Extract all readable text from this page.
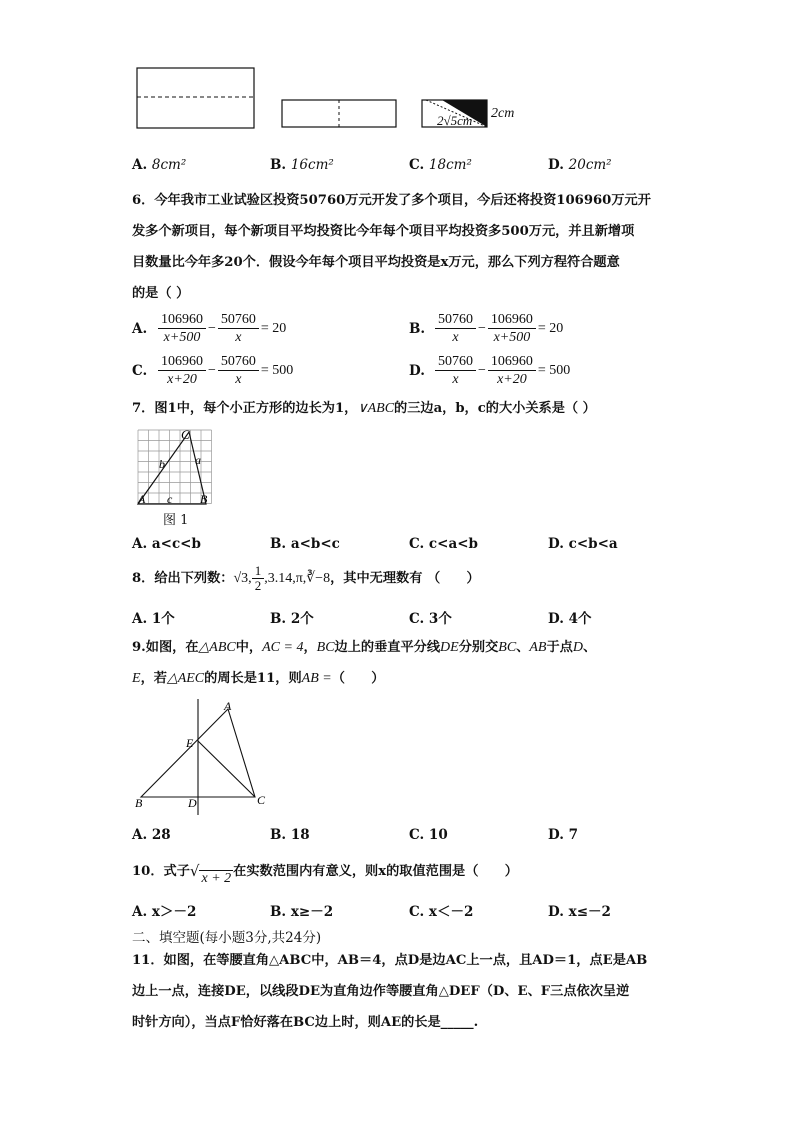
2√5cm 2cm
A. 8cm²	B. 16cm²	C. 18cm²	D. 20cm²
6．今年我市工业试验区投资50760万元开发了多个项目，今后还将投资106960万元开
发多个新项目，每个新项目平均投资比今年每个项目平均投资多500万元，并且新增项
目数量比今年多20个．假设今年每个项目平均投资是x万元，那么下列方程符合题意
的是（ ）
A. $\frac{106960}{x+500} - \frac{50760}{x} = 20$	B. $\frac{50760}{x} - \frac{106960}{x+500} = 20$
C. $\frac{106960}{x+20} - \frac{50760}{x} = 500$	D. $\frac{50760}{x} - \frac{106960}{x+20} = 500$
7．图1中，每个小正方形的边长为1，∨ABC的三边a，b，c的大小关系是（ ）
C
b	a
A c B
图 1
A. a<c<b	B. a<b<c	C. c<a<b	D. c<b<a
8．给出下列数： √3, $\frac{1}{2}$ ,3.14,π,∛−8 ，其中无理数有 （　　）
A. 1个	B. 2个	C. 3个	D. 4个
9.如图，在△ABC中，AC = 4，BC边上的垂直平分线DE分别交BC、AB于点D、
E，若△AEC的周长是11，则AB =（　　）
A
E
B	D	C
A. 28	B. 18	C. 10	D. 7
10．式子 √ x + 2 在实数范围内有意义，则x的取值范围是（　　）
A. x＞－2	B. x≥－2	C. x＜－2	D. x≤－2
二、填空题(每小题3分,共24分)
11．如图，在等腰直角△ABC中，AB＝4，点D是边AC上一点，且AD＝1，点E是AB
边上一点，连接DE，以线段DE为直角边作等腰直角△DEF（D、E、F三点依次呈逆
时针方向），当点F恰好落在BC边上时，则AE的长是_____.
